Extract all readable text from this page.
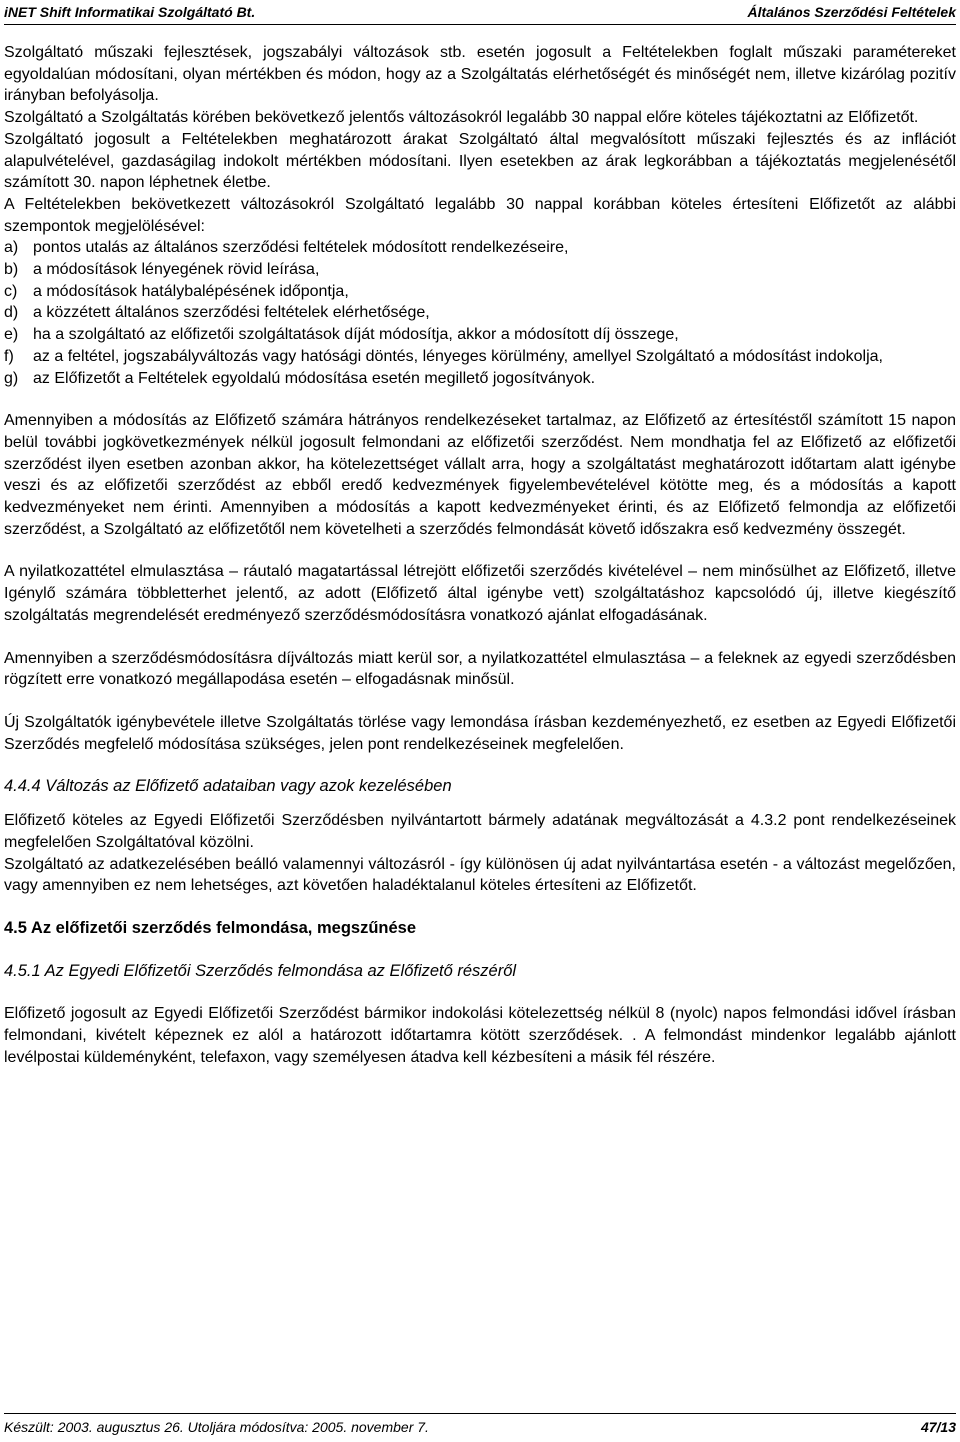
iNET Shift Informatikai Szolgáltató Bt.	Általános Szerződési Feltételek

Szolgáltató műszaki fejlesztések, jogszabályi változások stb. esetén jogosult a Feltételekben foglalt műszaki paramétereket egyoldalúan módosítani, olyan mértékben és módon, hogy az a Szolgáltatás elérhetőségét és minőségét nem, illetve kizárólag pozitív irányban befolyásolja.

Szolgáltató a Szolgáltatás körében bekövetkező jelentős változásokról legalább 30 nappal előre köteles tájékoztatni az Előfizetőt.

Szolgáltató jogosult a Feltételekben meghatározott árakat Szolgáltató által megvalósított műszaki fejlesztés és az inflációt alapulvételével, gazdaságilag indokolt mértékben módosítani. Ilyen esetekben az árak legkorábban a tájékoztatás megjelenésétől számított 30. napon léphetnek életbe.

A Feltételekben bekövetkezett változásokról Szolgáltató legalább 30 nappal korábban köteles értesíteni Előfizetőt az alábbi szempontok megjelölésével:

a) pontos utalás az általános szerződési feltételek módosított rendelkezéseire,
b) a módosítások lényegének rövid leírása,
c) a módosítások hatálybalépésének időpontja,
d) a közzétett általános szerződési feltételek elérhetősége,
e) ha a szolgáltató az előfizetői szolgáltatások díját módosítja, akkor a módosított díj összege,
f)	az a feltétel, jogszabályváltozás vagy hatósági döntés, lényeges körülmény, amellyel Szolgáltató a módosítást indokolja,
g) az Előfizetőt a Feltételek egyoldalú módosítása esetén megillető jogosítványok.

Amennyiben a módosítás az Előfizető számára hátrányos rendelkezéseket tartalmaz, az Előfizető az értesítéstől számított 15 napon belül további jogkövetkezmények nélkül jogosult felmondani az előfizetői szerződést. Nem mondhatja fel az Előfizető az előfizetői szerződést ilyen esetben azonban akkor, ha kötelezettséget vállalt arra, hogy a szolgáltatást meghatározott időtartam alatt igénybe veszi és az előfizetői szerződést az ebből eredő kedvezmények figyelembevételével kötötte meg, és a módosítás a kapott kedvezményeket nem érinti. Amennyiben a módosítás a kapott kedvezményeket érinti, és az Előfizető felmondja az előfizetői szerződést, a Szolgáltató az előfizetőtől nem követelheti a szerződés felmondását követő időszakra eső kedvezmény összegét.

A nyilatkozattétel elmulasztása – ráutaló magatartással létrejött előfizetői szerződés kivételével – nem minősülhet az Előfizető, illetve Igénylő számára többletterhet jelentő, az adott (Előfizető által igénybe vett) szolgáltatáshoz kapcsolódó új, illetve kiegészítő szolgáltatás megrendelését eredményező szerződésmódosításra vonatkozó ajánlat elfogadásának.

Amennyiben a szerződésmódosításra díjváltozás miatt kerül sor, a nyilatkozattétel elmulasztása – a feleknek az egyedi szerződésben rögzített erre vonatkozó megállapodása esetén – elfogadásnak minősül.

Új Szolgáltatók igénybevétele illetve Szolgáltatás törlése vagy lemondása írásban kezdeményezhető, ez esetben az Egyedi Előfizetői Szerződés megfelelő módosítása szükséges, jelen pont rendelkezéseinek megfelelően.

4.4.4 Változás az Előfizető adataiban vagy azok kezelésében

Előfizető köteles az Egyedi Előfizetői Szerződésben nyilvántartott bármely adatának megváltozását a 4.3.2 pont rendelkezéseinek megfelelően Szolgáltatóval közölni.

Szolgáltató az adatkezelésében beálló valamennyi változásról - így különösen új adat nyilvántartása esetén - a változást megelőzően, vagy amennyiben ez nem lehetséges, azt követően haladéktalanul köteles értesíteni az Előfizetőt.

4.5 Az előfizetői szerződés felmondása, megszűnése

4.5.1 Az Egyedi Előfizetői Szerződés felmondása az Előfizető részéről

Előfizető jogosult az Egyedi Előfizetői Szerződést bármikor indokolási kötelezettség nélkül 8 (nyolc) napos felmondási idővel írásban felmondani, kivételt képeznek ez alól a határozott időtartamra kötött szerződések. . A felmondást mindenkor legalább ajánlott levélpostai küldeményként, telefaxon, vagy személyesen átadva kell kézbesíteni a másik fél részére.

Készült: 2003. augusztus 26. Utoljára módosítva: 2005. november 7.	47/13
